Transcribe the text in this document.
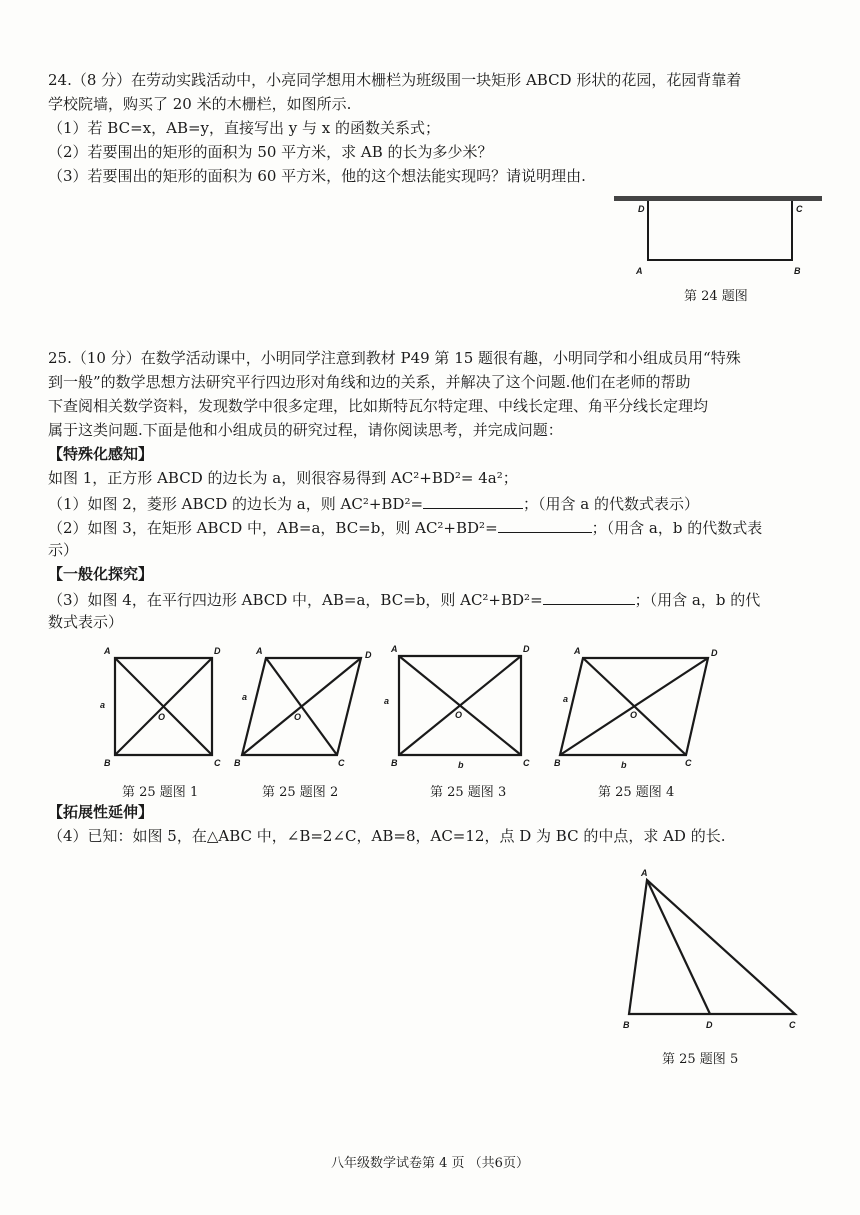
24.（8 分）在劳动实践活动中，小亮同学想用木栅栏为班级围一块矩形 ABCD 形状的花园，花园背靠着
学校院墙，购买了 20 米的木栅栏，如图所示.
（1）若 BC=x，AB=y，直接写出 y 与 x 的函数关系式；
（2）若要围出的矩形的面积为 50 平方米，求 AB 的长为多少米？
（3）若要围出的矩形的面积为 60 平方米，他的这个想法能实现吗？请说明理由.
D	C
A	B
第 24 题图
25.（10 分）在数学活动课中，小明同学注意到教材 P49 第 15 题很有趣，小明同学和小组成员用“特殊
到一般”的数学思想方法研究平行四边形对角线和边的关系，并解决了这个问题.他们在老师的帮助
下查阅相关数学资料，发现数学中很多定理，比如斯特瓦尔特定理、中线长定理、角平分线长定理均
属于这类问题.下面是他和小组成员的研究过程，请你阅读思考，并完成问题：
【特殊化感知】
如图 1，正方形 ABCD 的边长为 a，则很容易得到 AC²+BD²= 4a²；
（1）如图 2，菱形 ABCD 的边长为 a，则 AC²+BD²=	；（用含 a 的代数式表示）
（2）如图 3，在矩形 ABCD 中，AB=a，BC=b，则 AC²+BD²=	；（用含 a，b 的代数式表
示）
【一般化探究】
（3）如图 4，在平行四边形 ABCD 中，AB=a，BC=b，则 AC²+BD²=	；（用含 a，b 的代
数式表示）
A	D
B	C
O
a
A	D
B	C
O
a
A	D
B	C
O
a
b
A	D
B	C
O
a
b
第 25 题图 1	第 25 题图 2	第 25 题图 3	第 25 题图 4
【拓展性延伸】
（4）已知：如图 5，在△ABC 中，∠B=2∠C，AB=8，AC=12，点 D 为 BC 的中点，求 AD 的长.
A
B	D	C
第 25 题图 5
八年级数学试卷第 4 页 （共6页）
